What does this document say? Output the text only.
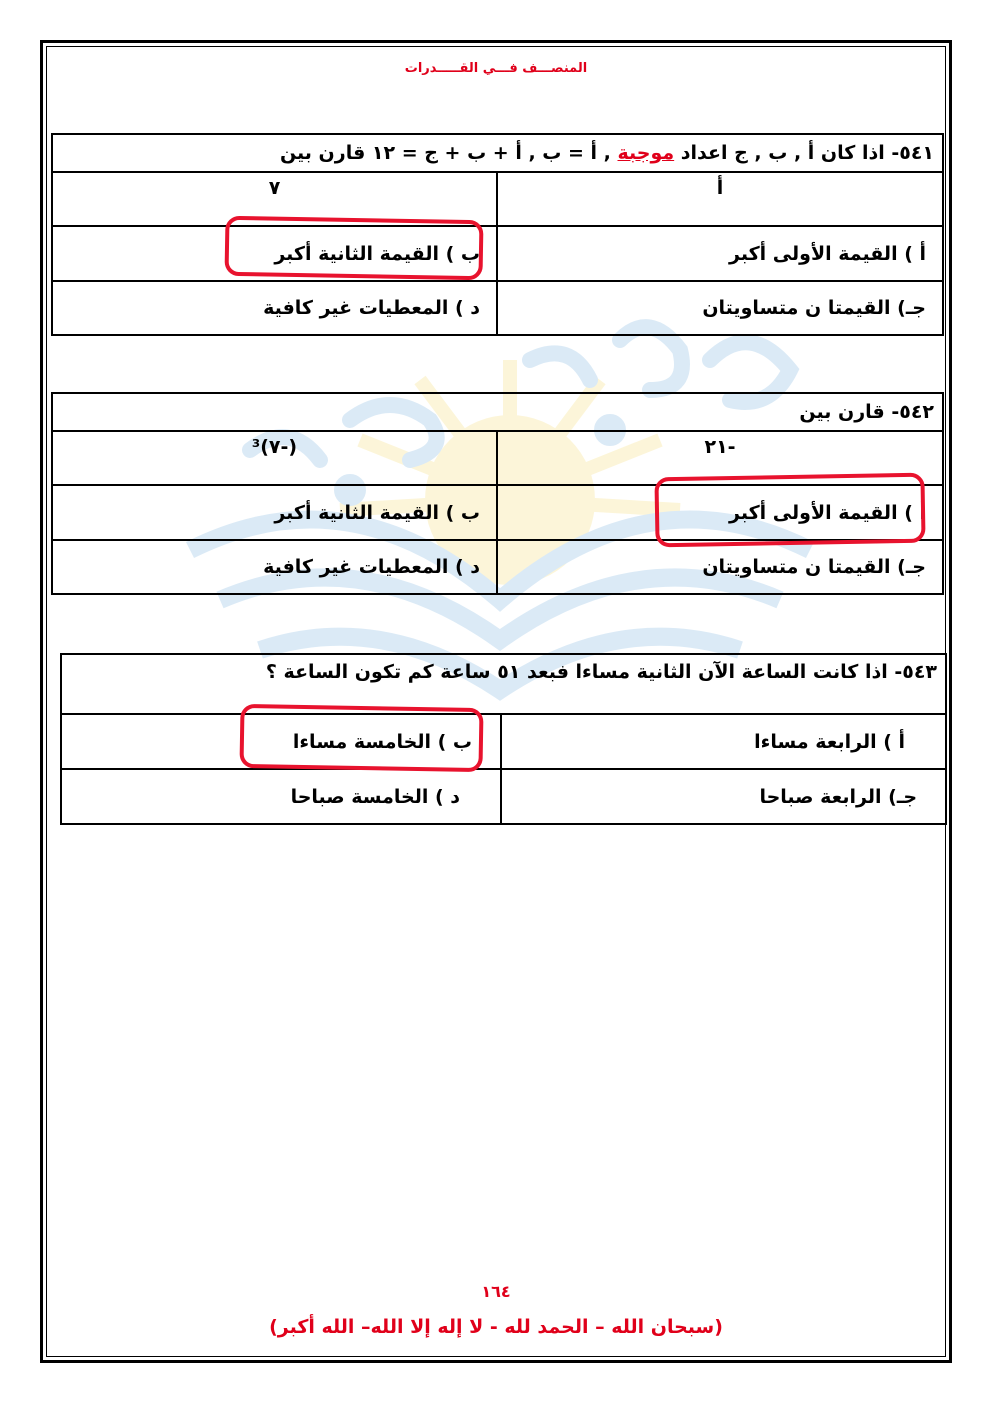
المنصـــف فـــي القـــــدرات
٥٤١- اذا كان أ , ب , ج اعداد موجبة , أ = ب , أ + ب + ج = ١٢ قارن بين	
أ	٧
أ ) القيمة الأولى أكبر	ب ) القيمة الثانية أكبر
جـ) القيمتا ن متساويتان	د ) المعطيات غير كافية
٥٤٢- قارن بين	
-٢١	(-٧)³
أ ) القيمة الأولى أكبر	ب ) القيمة الثانية أكبر
جـ) القيمتا ن متساويتان	د ) المعطيات غير كافية
٥٤٣- اذا كانت الساعة الآن الثانية مساءا فبعد ٥١ ساعة كم تكون الساعة ؟	
أ ) الرابعة مساءا	ب ) الخامسة مساءا
جـ) الرابعة صباحا	د ) الخامسة صباحا
١٦٤
(سبحان الله – الحمد لله - لا إله إلا الله– الله أكبر)
